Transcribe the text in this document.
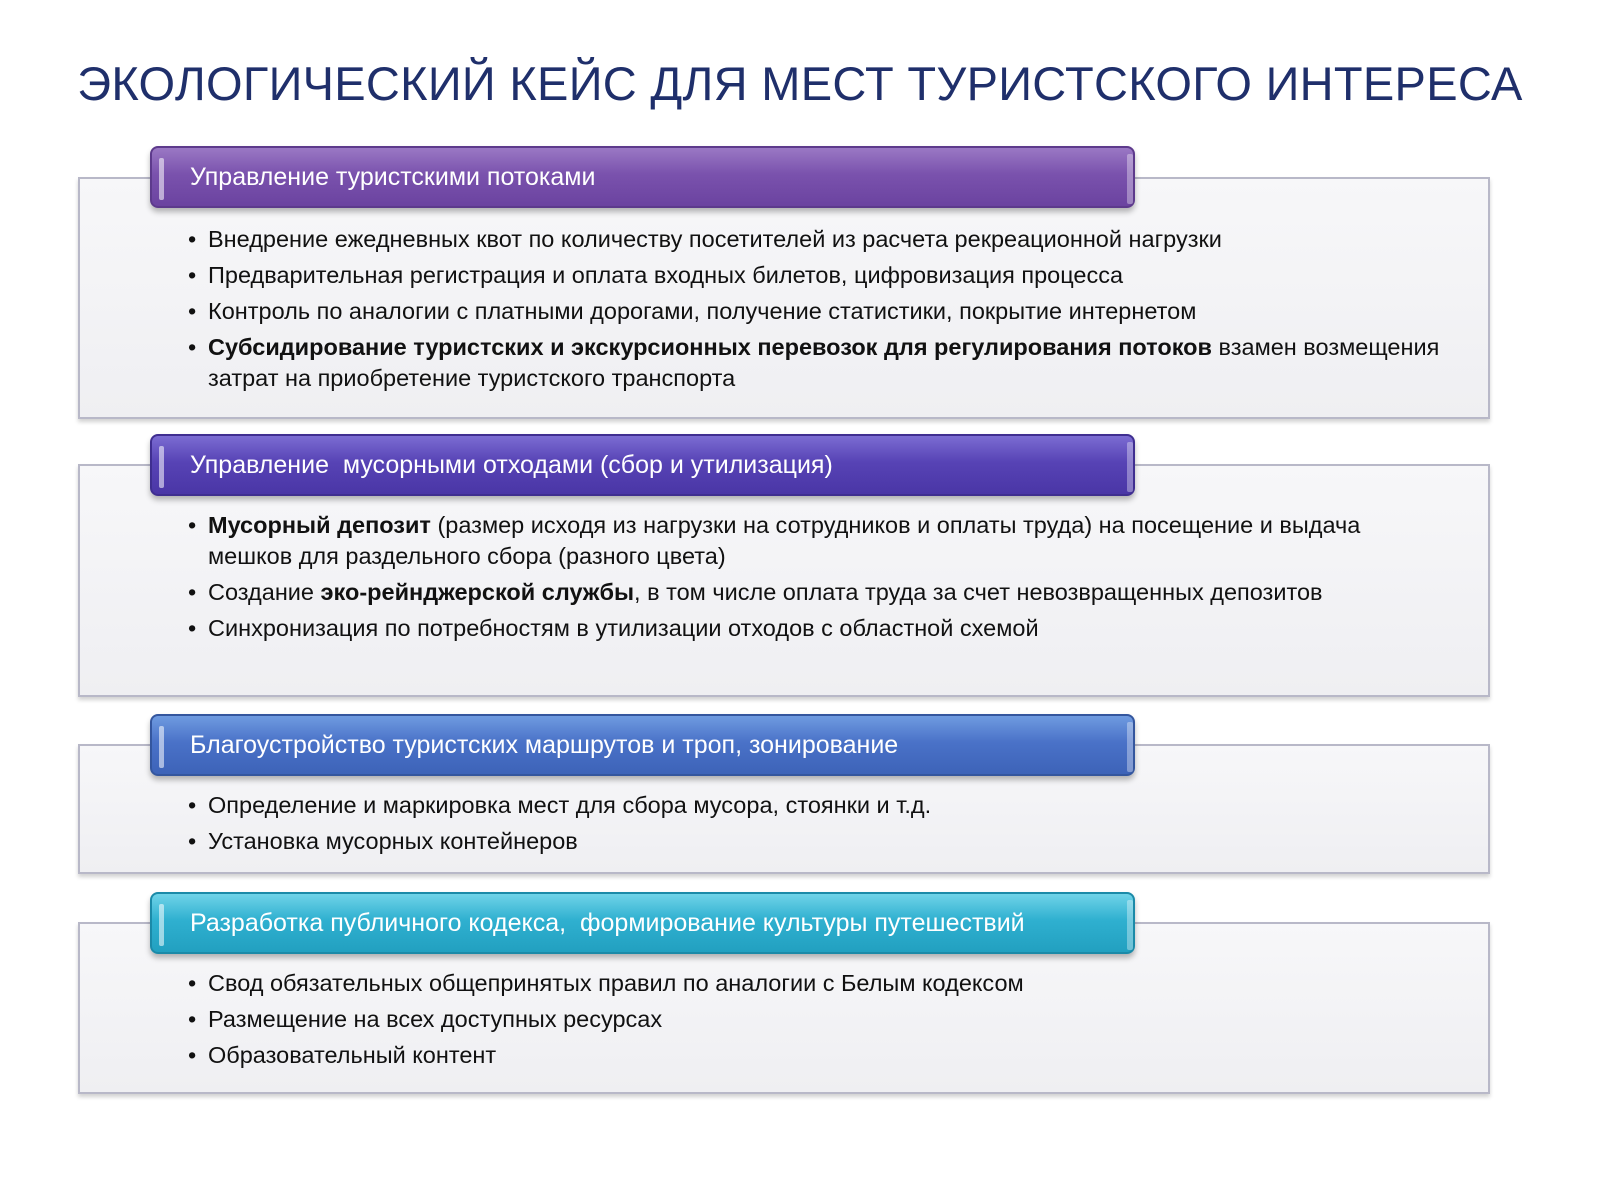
ЭКОЛОГИЧЕСКИЙ КЕЙС ДЛЯ МЕСТ ТУРИСТСКОГО ИНТЕРЕСА
Управление туристскими потоками
• Внедрение ежедневных квот по количеству посетителей из расчета рекреационной нагрузки
• Предварительная регистрация и оплата входных билетов, цифровизация процесса
• Контроль по аналогии с платными дорогами, получение статистики, покрытие интернетом
• Субсидирование туристских и экскурсионных перевозок для регулирования потоков взамен возмещения затрат на приобретение туристского транспорта
Управление  мусорными отходами (сбор и утилизация)
• Мусорный депозит (размер исходя из нагрузки на сотрудников и оплаты труда) на посещение и выдача мешков для раздельного сбора (разного цвета)
• Создание эко-рейнджерской службы, в том числе оплата труда за счет невозвращенных депозитов
• Синхронизация по потребностям в утилизации отходов с областной схемой
Благоустройство туристских маршрутов и троп, зонирование
• Определение и маркировка мест для сбора мусора, стоянки и т.д.
• Установка мусорных контейнеров
Разработка публичного кодекса,  формирование культуры путешествий
• Свод обязательных общепринятых правил по аналогии с Белым кодексом
• Размещение на всех доступных ресурсах
• Образовательный контент
